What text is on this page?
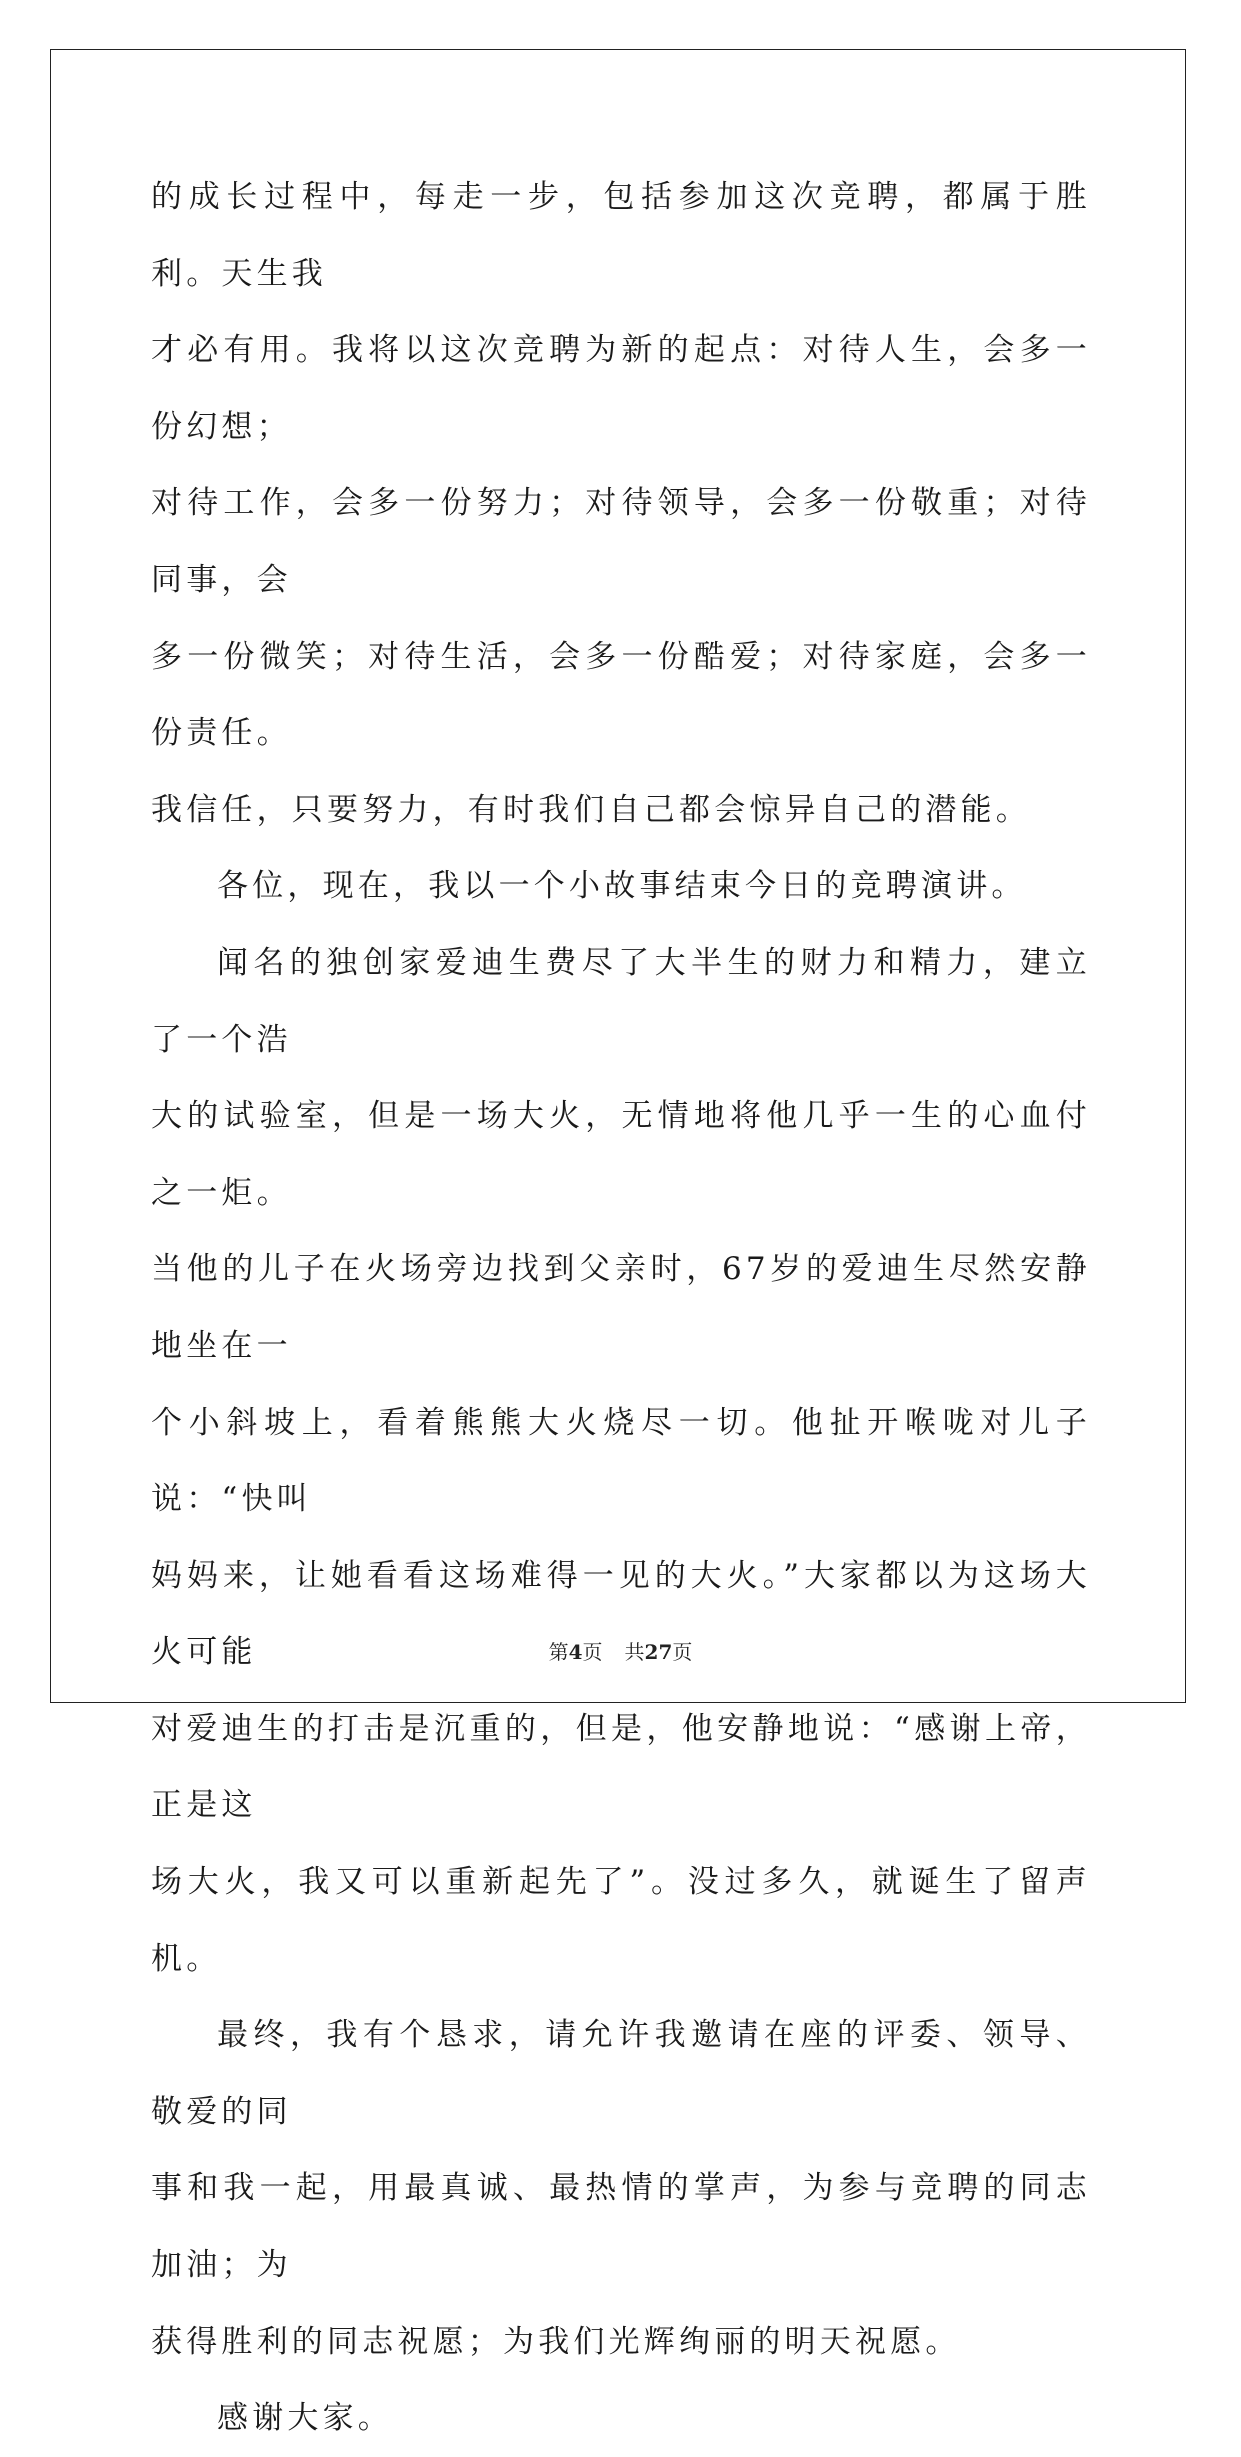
的成长过程中，每走一步，包括参加这次竞聘，都属于胜利。天生我
才必有用。我将以这次竞聘为新的起点：对待人生，会多一份幻想；
对待工作，会多一份努力；对待领导，会多一份敬重；对待同事，会
多一份微笑；对待生活，会多一份酷爱；对待家庭，会多一份责任。
我信任，只要努力，有时我们自己都会惊异自己的潜能。

各位，现在，我以一个小故事结束今日的竞聘演讲。

闻名的独创家爱迪生费尽了大半生的财力和精力，建立了一个浩
大的试验室，但是一场大火，无情地将他几乎一生的心血付之一炬。
当他的儿子在火场旁边找到父亲时，67岁的爱迪生尽然安静地坐在一
个小斜坡上，看着熊熊大火烧尽一切。他扯开喉咙对儿子说：“快叫
妈妈来，让她看看这场难得一见的大火。”大家都以为这场大火可能
对爱迪生的打击是沉重的，但是，他安静地说：“感谢上帝，正是这
场大火，我又可以重新起先了”。没过多久，就诞生了留声机。

最终，我有个恳求，请允许我邀请在座的评委、领导、敬爱的同
事和我一起，用最真诚、最热情的掌声，为参与竞聘的同志加油；为
获得胜利的同志祝愿；为我们光辉绚丽的明天祝愿。

感谢大家。

第4页 共27页
